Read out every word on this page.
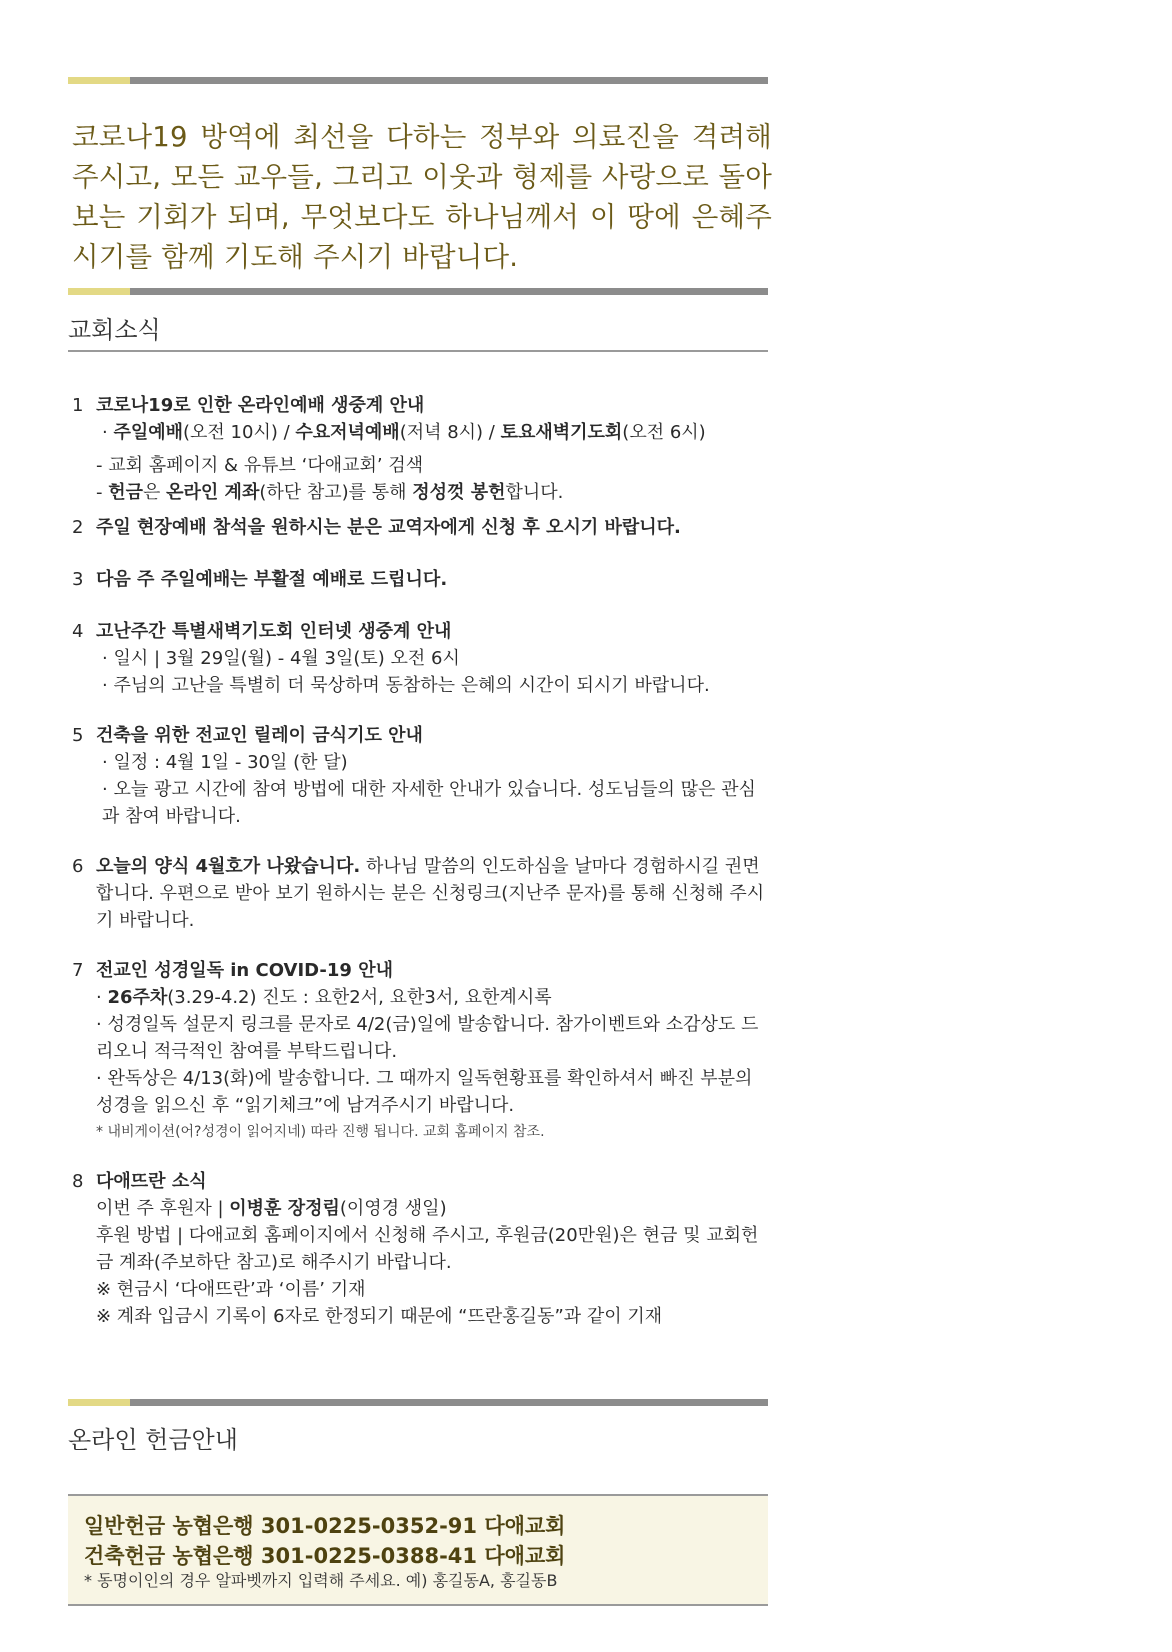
코로나19 방역에 최선을 다하는 정부와 의료진을 격려해 주시고, 모든 교우들, 그리고 이웃과 형제를 사랑으로 돌아보는 기회가 되며, 무엇보다도 하나님께서 이 땅에 은혜주시기를 함께 기도해 주시기 바랍니다.
교회소식
1 코로나19로 인한 온라인예배 생중계 안내
· 주일예배(오전 10시) / 수요저녁예배(저녁 8시) / 토요새벽기도회(오전 6시)
- 교회 홈페이지 & 유튜브 ‘다애교회’ 검색
- 헌금은 온라인 계좌(하단 참고)를 통해 정성껏 봉헌합니다.
2 주일 현장예배 참석을 원하시는 분은 교역자에게 신청 후 오시기 바랍니다.
3 다음 주 주일예배는 부활절 예배로 드립니다.
4 고난주간 특별새벽기도회 인터넷 생중계 안내
· 일시 | 3월 29일(월) - 4월 3일(토) 오전 6시
· 주님의 고난을 특별히 더 묵상하며 동참하는 은혜의 시간이 되시기 바랍니다.
5 건축을 위한 전교인 릴레이 금식기도 안내
· 일정 : 4월 1일 - 30일 (한 달)
· 오늘 광고 시간에 참여 방법에 대한 자세한 안내가 있습니다. 성도님들의 많은 관심과 참여 바랍니다.
6 오늘의 양식 4월호가 나왔습니다. 하나님 말씀의 인도하심을 날마다 경험하시길 권면합니다. 우편으로 받아 보기 원하시는 분은 신청링크(지난주 문자)를 통해 신청해 주시기 바랍니다.
7 전교인 성경일독 in COVID-19 안내
· 26주차(3.29-4.2) 진도 : 요한2서, 요한3서, 요한계시록
· 성경일독 설문지 링크를 문자로 4/2(금)일에 발송합니다. 참가이벤트와 소감상도 드리오니 적극적인 참여를 부탁드립니다.
· 완독상은 4/13(화)에 발송합니다. 그 때까지 일독현황표를 확인하셔서 빠진 부분의 성경을 읽으신 후 “읽기체크”에 남겨주시기 바랍니다.
* 내비게이션(어?성경이 읽어지네) 따라 진행 됩니다. 교회 홈페이지 참조.
8 다애뜨란 소식
이번 주 후원자 | 이병훈 장정림(이영경 생일)
후원 방법 | 다애교회 홈페이지에서 신청해 주시고, 후원금(20만원)은 현금 및 교회헌금 계좌(주보하단 참고)로 해주시기 바랍니다.
※ 현금시 ‘다애뜨란’과 ‘이름’ 기재
※ 계좌 입금시 기록이 6자로 한정되기 때문에 “뜨란홍길동”과 같이 기재
온라인 헌금안내
일반헌금 농협은행 301-0225-0352-91 다애교회
건축헌금 농협은행 301-0225-0388-41 다애교회
* 동명이인의 경우 알파벳까지 입력해 주세요. 예) 홍길동A, 홍길동B
